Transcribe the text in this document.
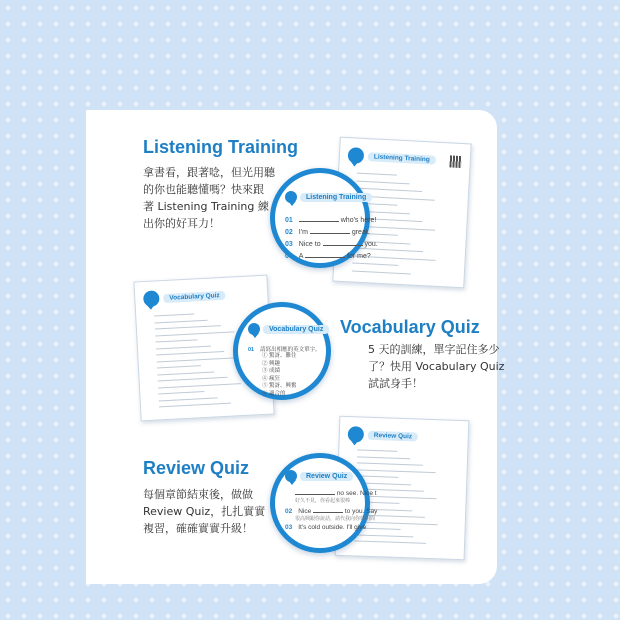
Listening Training
拿書看，跟著唸，但光用聽
的你也能聽懂嗎？快來跟
著 Listening Training 練
出你的好耳力！
Listening Training
Listening Training
01	who's here!
02 I'm	great.
03 Nice to	you.
04 A	for me?
Vocabulary Quiz
Vocabulary Quiz
01 請寫出相應的英文單字。
① 驚訝、難住
② 興趣
③ 成績
④ 瘋狂
⑤ 驚訝、興奮
⑥ 適合的
Vocabulary Quiz
5 天的訓練，單字記住多少
了？快用 Vocabulary Quiz
試試身手！
Review Quiz
每個章節結束後，做做
Review Quiz，扎扎實實
複習，確確實實升級！
Review Quiz
Review Quiz
no see. Nice t
好久不見，你看起來很棒
02 Nice	to you. Say
很高興跟你說話，請代我向你姐姐問
03 It's cold outside. I'll give
